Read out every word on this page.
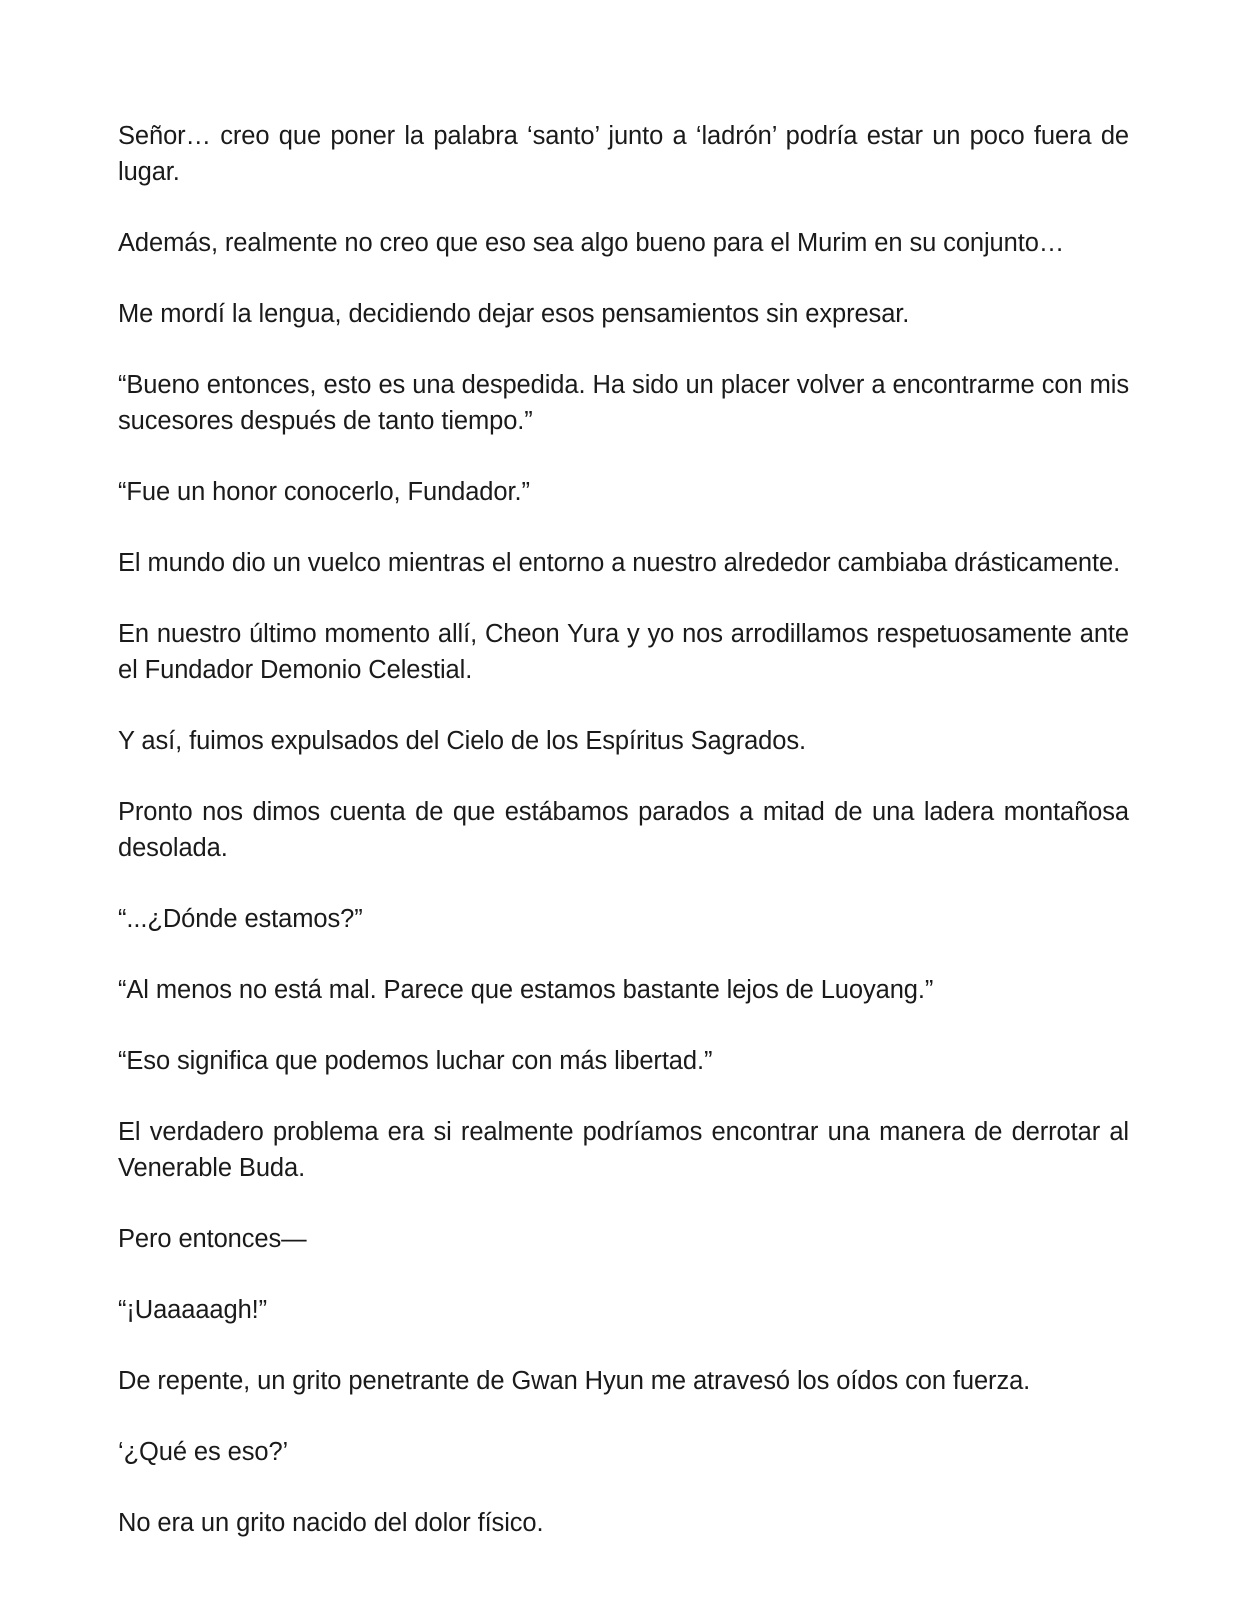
Señor… creo que poner la palabra ‘santo’ junto a ‘ladrón’ podría estar un poco fuera de lugar.

Además, realmente no creo que eso sea algo bueno para el Murim en su conjunto…

Me mordí la lengua, decidiendo dejar esos pensamientos sin expresar.

“Bueno entonces, esto es una despedida. Ha sido un placer volver a encontrarme con mis sucesores después de tanto tiempo.”

“Fue un honor conocerlo, Fundador.”

El mundo dio un vuelco mientras el entorno a nuestro alrededor cambiaba drásticamente.

En nuestro último momento allí, Cheon Yura y yo nos arrodillamos respetuosamente ante el Fundador Demonio Celestial.

Y así, fuimos expulsados del Cielo de los Espíritus Sagrados.

Pronto nos dimos cuenta de que estábamos parados a mitad de una ladera montañosa desolada.

“...¿Dónde estamos?”

“Al menos no está mal. Parece que estamos bastante lejos de Luoyang.”

“Eso significa que podemos luchar con más libertad.”

El verdadero problema era si realmente podríamos encontrar una manera de derrotar al Venerable Buda.

Pero entonces—

“¡Uaaaaagh!”

De repente, un grito penetrante de Gwan Hyun me atravesó los oídos con fuerza.

‘¿Qué es eso?’

No era un grito nacido del dolor físico.
